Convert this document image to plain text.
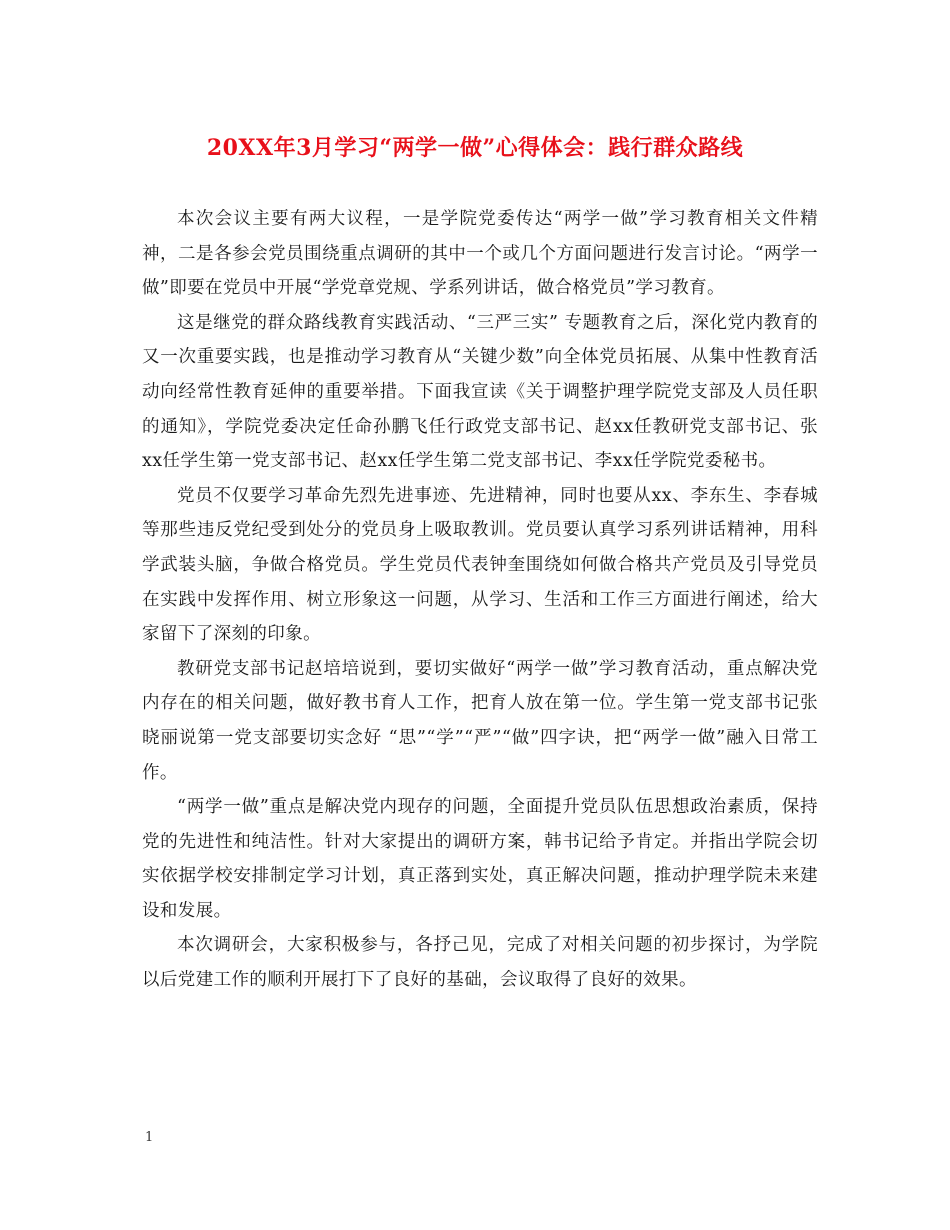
20XX年3月学习“两学一做”心得体会：践行群众路线

本次会议主要有两大议程，一是学院党委传达“两学一做”学习教育相关文件精神，二是各参会党员围绕重点调研的其中一个或几个方面问题进行发言讨论。“两学一做”即要在党员中开展“学党章党规、学系列讲话，做合格党员”学习教育。

这是继党的群众路线教育实践活动、“三严三实” 专题教育之后，深化党内教育的又一次重要实践，也是推动学习教育从“关键少数”向全体党员拓展、从集中性教育活动向经常性教育延伸的重要举措。下面我宣读《关于调整护理学院党支部及人员任职的通知》，学院党委决定任命孙鹏飞任行政党支部书记、赵xx任教研党支部书记、张xx任学生第一党支部书记、赵xx任学生第二党支部书记、李xx任学院党委秘书。

党员不仅要学习革命先烈先进事迹、先进精神，同时也要从xx、李东生、李春城等那些违反党纪受到处分的党员身上吸取教训。党员要认真学习系列讲话精神，用科学武装头脑，争做合格党员。学生党员代表钟奎围绕如何做合格共产党员及引导党员在实践中发挥作用、树立形象这一问题，从学习、生活和工作三方面进行阐述，给大家留下了深刻的印象。

教研党支部书记赵培培说到，要切实做好“两学一做”学习教育活动，重点解决党内存在的相关问题，做好教书育人工作，把育人放在第一位。学生第一党支部书记张晓丽说第一党支部要切实念好 “思”“学”“严”“做”四字诀，把“两学一做”融入日常工作。

“两学一做”重点是解决党内现存的问题，全面提升党员队伍思想政治素质，保持党的先进性和纯洁性。针对大家提出的调研方案，韩书记给予肯定。并指出学院会切实依据学校安排制定学习计划，真正落到实处，真正解决问题，推动护理学院未来建设和发展。

本次调研会，大家积极参与，各抒己见，完成了对相关问题的初步探讨，为学院以后党建工作的顺利开展打下了良好的基础，会议取得了良好的效果。

1
